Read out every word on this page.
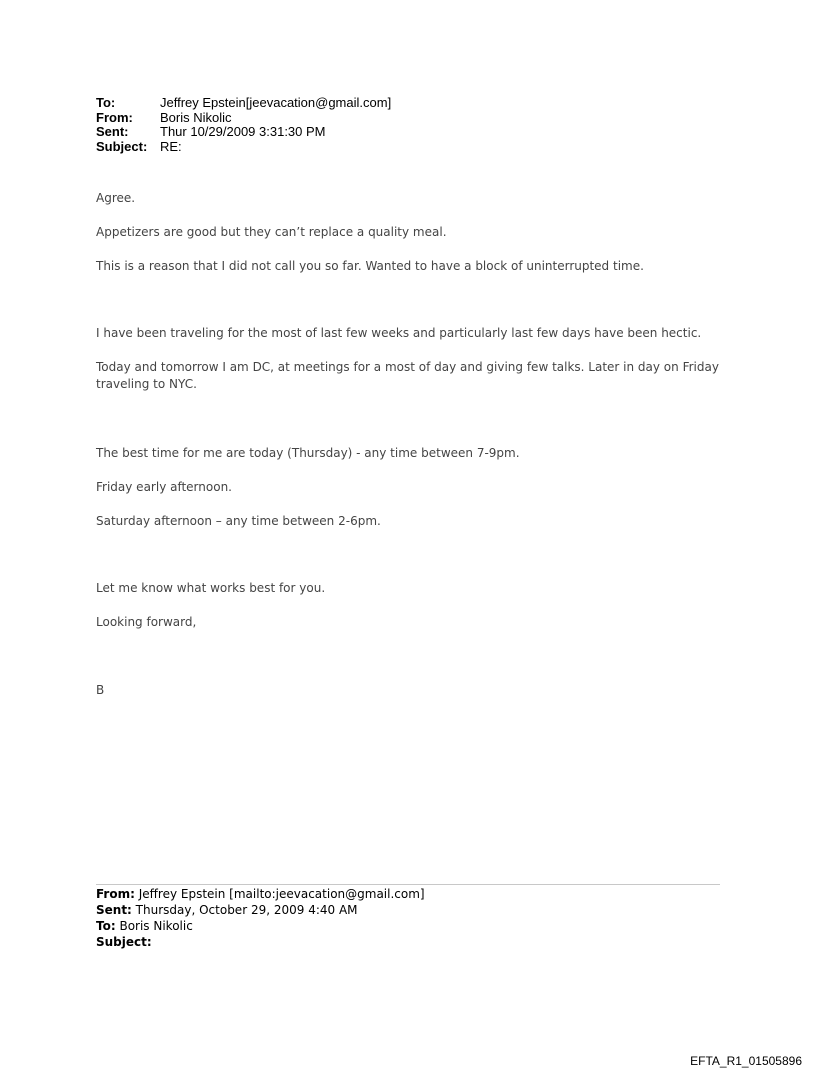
To:	Jeffrey Epstein[jeevacation@gmail.com]
From:	Boris Nikolic
Sent:	Thur 10/29/2009 3:31:30 PM
Subject: RE:
Agree.
Appetizers are good but they can’t replace a quality meal.
This is a reason that I did not call you so far. Wanted to have a block of uninterrupted time.
I have been traveling for the most of last few weeks and particularly last few days have been hectic.
Today and tomorrow I am DC, at meetings for a most of day and giving few talks. Later in day on Friday traveling to NYC.
The best time for me are today (Thursday) - any time between 7-9pm.
Friday early afternoon.
Saturday afternoon – any time between 2-6pm.
Let me know what works best for you.
Looking forward,
B
From: Jeffrey Epstein [mailto:jeevacation@gmail.com]
Sent: Thursday, October 29, 2009 4:40 AM
To: Boris Nikolic
Subject:
EFTA_R1_01505896
